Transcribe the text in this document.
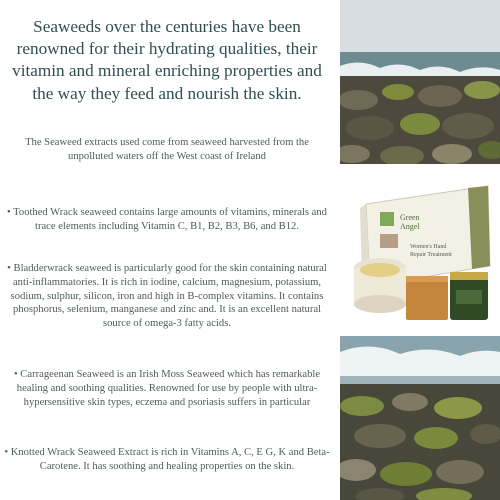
Seaweeds over the centuries have been renowned for their hydrating qualities, their vitamin and mineral enriching properties and the way they feed and nourish the skin.

The Seaweed extracts used come from seaweed harvested from the unpolluted waters off the West coast of Ireland

• Toothed Wrack seaweed contains large amounts of vitamins, minerals and trace elements including Vitamin C, B1, B2, B3, B6, and B12.

• Bladderwrack seaweed is particularly good for the skin containing natural anti-inflammatories. It is rich in iodine, calcium, magnesium, potassium, sodium, sulphur, silicon, iron and high in B-complex vitamins. It contains phosphorus, selenium, manganese and zinc and. It is an excellent natural source of omega-3 fatty acids.

• Carrageenan Seaweed is an Irish Moss Seaweed which has remarkable healing and soothing qualities. Renowned for use by people with ultra-hypersensitive skin types, eczema and psoriasis suffers in particular

• Knotted Wrack Seaweed Extract is rich in Vitamins A, C, E G, K and Beta-Carotene. It has soothing and healing properties on the skin.

Green
Angel
Women's Hand
Repair Treatment
